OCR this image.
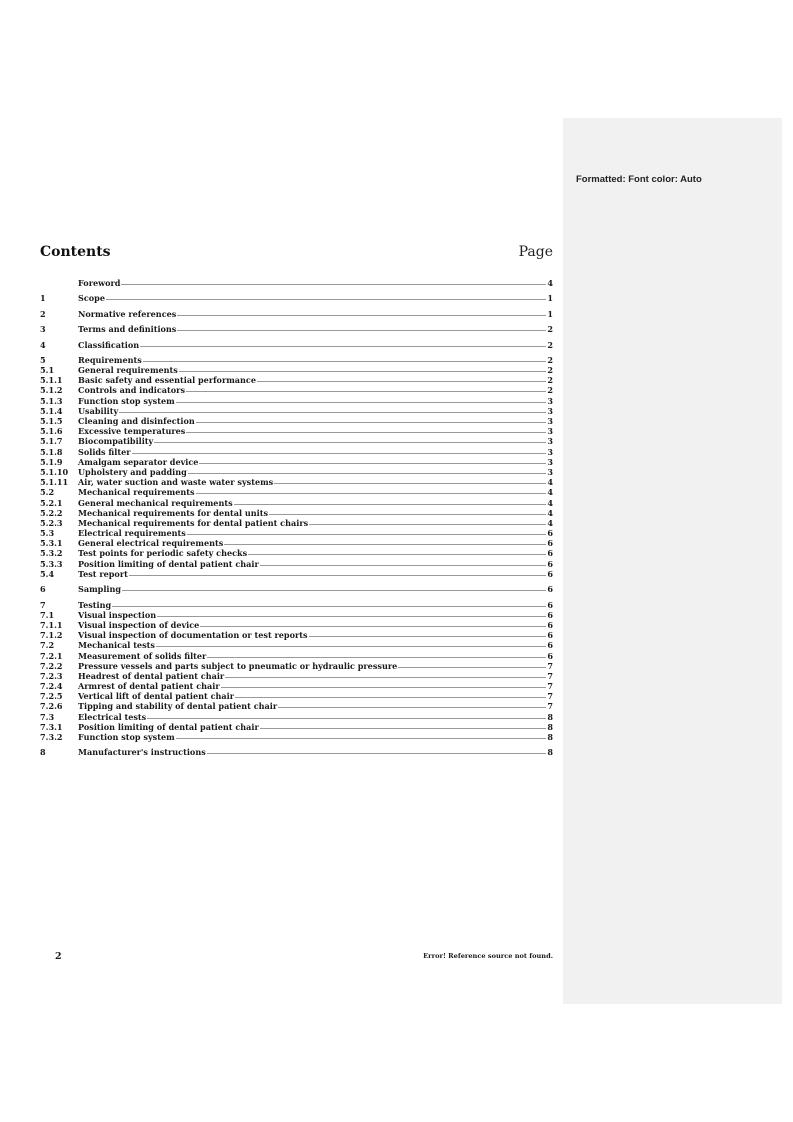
Formatted: Font color: Auto
Contents	Page
Foreword	4
1	Scope	1
2	Normative references	1
3	Terms and definitions	2
4	Classification	2
5	Requirements	2
5.1	General requirements	2
5.1.1	Basic safety and essential performance	2
5.1.2	Controls and indicators	2
5.1.3	Function stop system	3
5.1.4	Usability	3
5.1.5	Cleaning and disinfection	3
5.1.6	Excessive temperatures	3
5.1.7	Biocompatibility	3
5.1.8	Solids filter	3
5.1.9	Amalgam separator device	3
5.1.10	Upholstery and padding	3
5.1.11	Air, water suction and waste water systems	4
5.2	Mechanical requirements	4
5.2.1	General mechanical requirements	4
5.2.2	Mechanical requirements for dental units	4
5.2.3	Mechanical requirements for dental patient chairs	4
5.3	Electrical requirements	6
5.3.1	General electrical requirements	6
5.3.2	Test points for periodic safety checks	6
5.3.3	Position limiting of dental patient chair	6
5.4	Test report	6
6	Sampling	6
7	Testing	6
7.1	Visual inspection	6
7.1.1	Visual inspection of device	6
7.1.2	Visual inspection of documentation or test reports	6
7.2	Mechanical tests	6
7.2.1	Measurement of solids filter	6
7.2.2	Pressure vessels and parts subject to pneumatic or hydraulic pressure	7
7.2.3	Headrest of dental patient chair	7
7.2.4	Armrest of dental patient chair	7
7.2.5	Vertical lift of dental patient chair	7
7.2.6	Tipping and stability of dental patient chair	7
7.3	Electrical tests	8
7.3.1	Position limiting of dental patient chair	8
7.3.2	Function stop system	8
8	Manufacturer's instructions	8
2	Error! Reference source not found.
